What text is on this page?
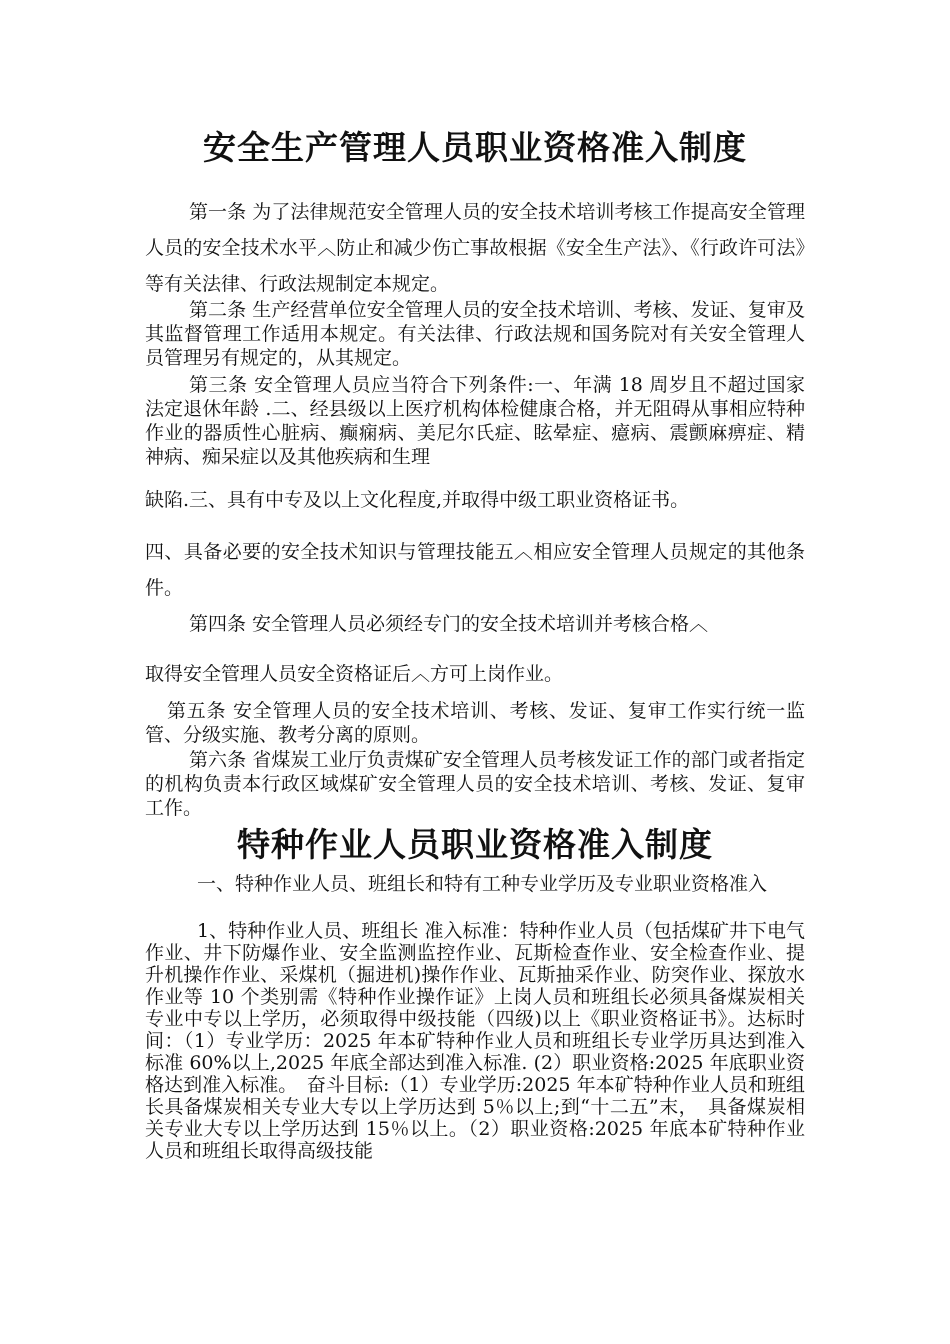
安全生产管理人员职业资格准入制度

第一条 为了法律规范安全管理人员的安全技术培训考核工作提高安全管理人员的安全技术水平︿防止和减少伤亡事故根据《安全生产法》、《行政许可法》等有关法律、行政法规制定本规定。

第二条 生产经营单位安全管理人员的安全技术培训、考核、发证、复审及其监督管理工作适用本规定。有关法律、行政法规和国务院对有关安全管理人员管理另有规定的，从其规定。

第三条 安全管理人员应当符合下列条件:一、年满 18 周岁且不超过国家法定退休年龄 .二、经县级以上医疗机构体检健康合格，并无阻碍从事相应特种作业的器质性心脏病、癫痫病、美尼尔氏症、眩晕症、癔病、震颤麻痹症、精神病、痴呆症以及其他疾病和生理

缺陷.三、具有中专及以上文化程度,并取得中级工职业资格证书。

四、具备必要的安全技术知识与管理技能五︿相应安全管理人员规定的其他条件。

第四条 安全管理人员必须经专门的安全技术培训并考核合格︿

取得安全管理人员安全资格证后︿方可上岗作业。

第五条 安全管理人员的安全技术培训、考核、发证、复审工作实行统一监管、分级实施、教考分离的原则。

第六条 省煤炭工业厅负责煤矿安全管理人员考核发证工作的部门或者指定的机构负责本行政区域煤矿安全管理人员的安全技术培训、考核、发证、复审工作。

特种作业人员职业资格准入制度

一、特种作业人员、班组长和特有工种专业学历及专业职业资格准入

1、特种作业人员、班组长 准入标准：特种作业人员（包括煤矿井下电气作业、井下防爆作业、安全监测监控作业、瓦斯检查作业、安全检查作业、提升机操作作业、采煤机（掘进机)操作作业、瓦斯抽采作业、防突作业、探放水作业等 10 个类别需《特种作业操作证》上岗人员和班组长必须具备煤炭相关专业中专以上学历，必须取得中级技能（四级)以上《职业资格证书》。达标时间：（1）专业学历：2025 年本矿特种作业人员和班组长专业学历具达到准入标准 60%以上,2025 年底全部达到准入标准. (2）职业资格:2025 年底职业资格达到准入标准。　奋斗目标:（1）专业学历:2025 年本矿特种作业人员和班组长具备煤炭相关专业大专以上学历达到 5％以上;到“十二五”末，　具备煤炭相关专业大专以上学历达到 15％以上。（2）职业资格:2025 年底本矿特种作业人员和班组长取得高级技能
